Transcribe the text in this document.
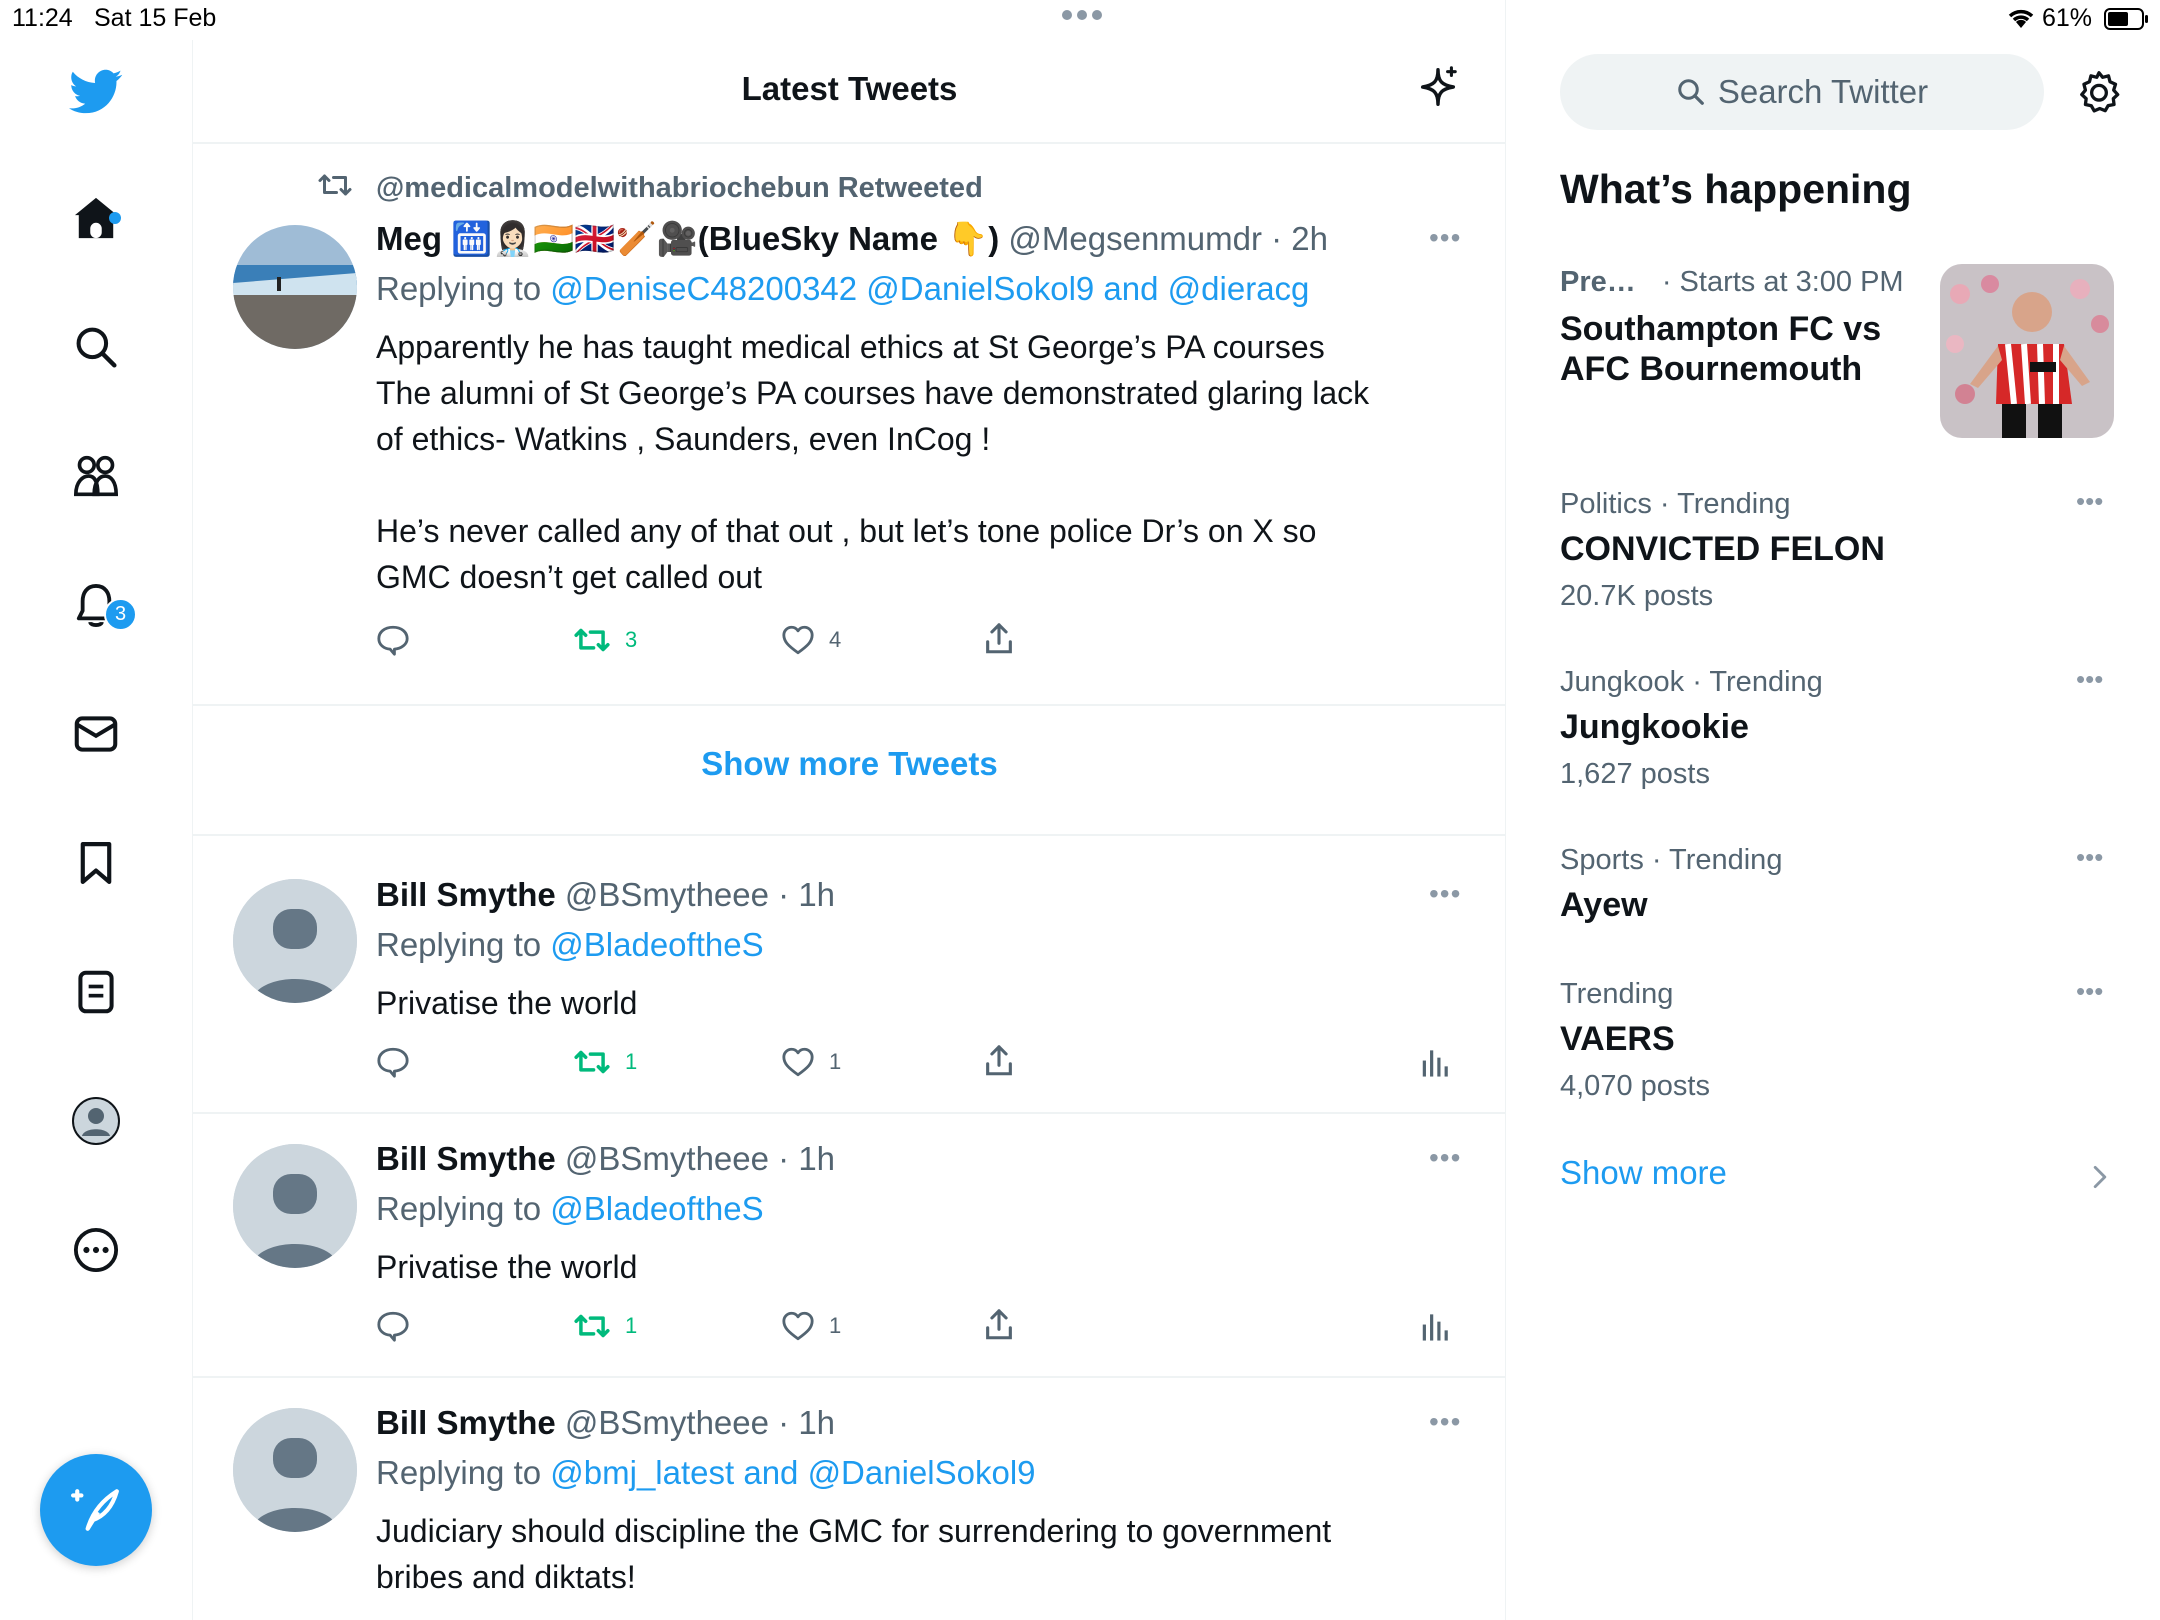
11:24 Sat 15 Feb	61%
3
Latest Tweets
@medicalmodelwithabriochebun Retweeted
Meg 🛗👩🏻‍⚕️🇮🇳🇬🇧🏏🎥(BlueSky Name 👇) @Megsenmumdr · 2h	•••
Replying to @DeniseC48200342 @DanielSokol9 and @dieracg
Apparently he has taught medical ethics at St George’s PA courses
The alumni of St George’s PA courses have demonstrated glaring lack
of ethics- Watkins , Saunders, even InCog !
He’s never called any of that out , but let’s tone police Dr’s on X so
GMC doesn’t get called out
3	4
Show more Tweets
Bill Smythe @BSmytheee · 1h	•••
Replying to @BladeoftheS
Privatise the world
1	1
Bill Smythe @BSmytheee · 1h	•••
Replying to @BladeoftheS
Privatise the world
1	1
Bill Smythe @BSmytheee · 1h	•••
Replying to @bmj_latest and @DanielSokol9
Judiciary should discipline the GMC for surrendering to government
bribes and diktats!
Search Twitter
What’s happening
Pre… · Starts at 3:00 PM
Southampton FC vs
AFC Bournemouth
Politics · Trending
CONVICTED FELON
20.7K posts
•••
Jungkook · Trending
Jungkookie
1,627 posts
•••
Sports · Trending
Ayew
•••
Trending
VAERS
4,070 posts
•••
Show more
